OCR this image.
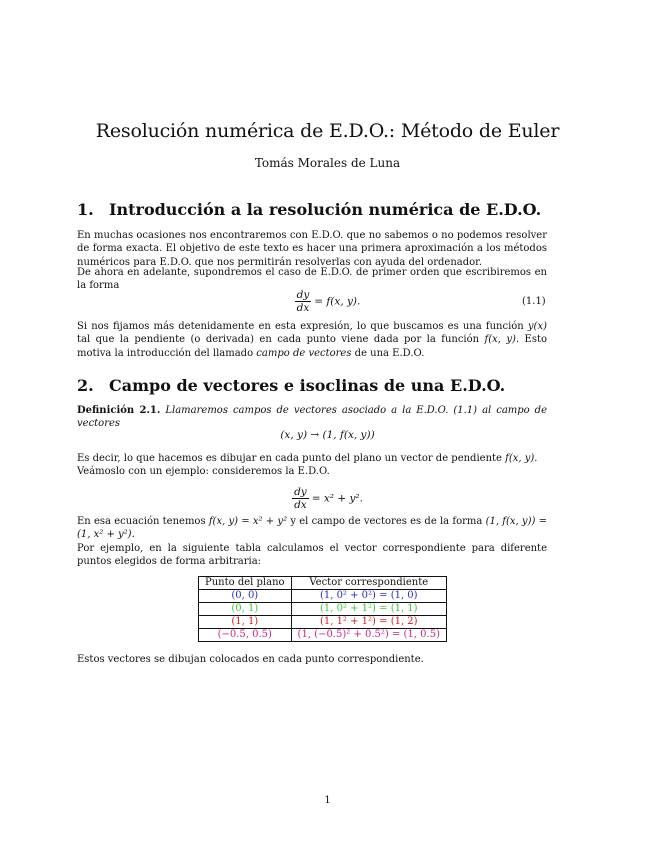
Resolución numérica de E.D.O.: Método de Euler
Tomás Morales de Luna
1. Introducción a la resolución numérica de E.D.O.
En muchas ocasiones nos encontraremos con E.D.O. que no sabemos o no podemos resolver de forma exacta. El objetivo de este texto es hacer una primera aproximación a los métodos numéricos para E.D.O. que nos permitirán resolverlas con ayuda del ordenador.
De ahora en adelante, supondremos el caso de E.D.O. de primer orden que escribiremos en la forma
$\frac{dy}{dx} = f(x$, y).	(1.1)
Si nos fijamos más detenidamente en esta expresión, lo que buscamos es una función y(x) tal que la pendiente (o derivada) en cada punto viene dada por la función f(x, y). Esto motiva la introducción del llamado campo de vectores de una E.D.O.
2. Campo de vectores e isoclinas de una E.D.O.
Definición 2.1. Llamaremos campos de vectores asociado a la E.D.O. (1.1) al campo de vectores
(x, y) → (1, f(x, y))
Es decir, lo que hacemos es dibujar en cada punto del plano un vector de pendiente f(x, y).
Veámoslo con un ejemplo: consideremos la E.D.O.
$\frac{dy}{dx} = x^2 + y^2$.
En esa ecuación tenemos f(x, y) = x² + y² y el campo de vectores es de la forma (1, f(x, y)) = (1, x² + y²).
Por ejemplo, en la siguiente tabla calculamos el vector correspondiente para diferente puntos elegidos de forma arbitraria:
Punto del plano	Vector correspondiente
(0, 0)	(1, 0² + 0²) = (1, 0)
(0, 1)	(1, 0² + 1²) = (1, 1)
(1, 1)	(1, 1² + 1²) = (1, 2)
(−0.5, 0.5)	(1, (−0.5)² + 0.5²) = (1, 0.5)
Estos vectores se dibujan colocados en cada punto correspondiente.
1
